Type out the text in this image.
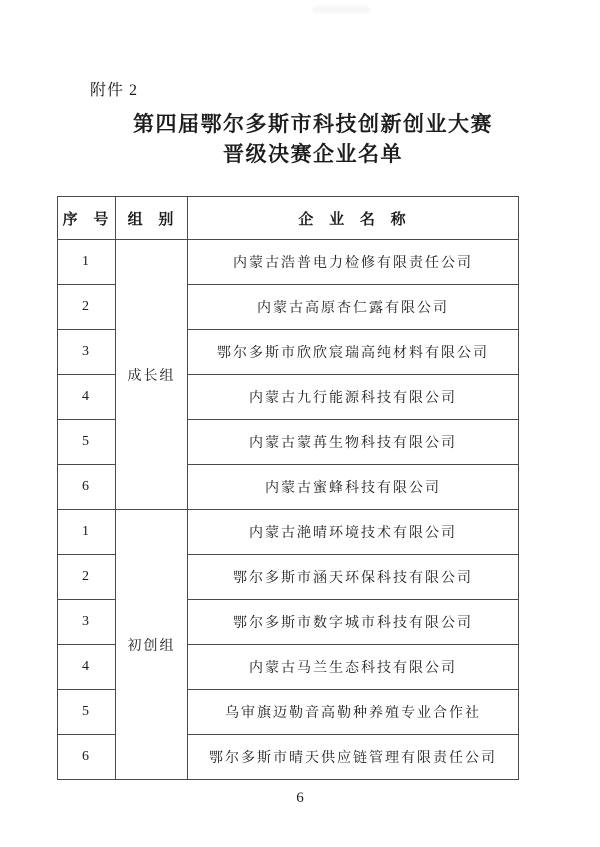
附件 2
第四届鄂尔多斯市科技创新创业大赛
晋级决赛企业名单
序 号	组 别	企 业 名 称
1	成长组	内蒙古浩普电力检修有限责任公司
2		内蒙古高原杏仁露有限公司
3		鄂尔多斯市欣欣宸瑞高纯材料有限公司
4		内蒙古九行能源科技有限公司
5		内蒙古蒙苒生物科技有限公司
6		内蒙古蜜蜂科技有限公司
1	初创组	内蒙古滟晴环境技术有限公司
2		鄂尔多斯市涵天环保科技有限公司
3		鄂尔多斯市数字城市科技有限公司
4		内蒙古马兰生态科技有限公司
5		乌审旗迈勒音高勒种养殖专业合作社
6		鄂尔多斯市晴天供应链管理有限责任公司
6
